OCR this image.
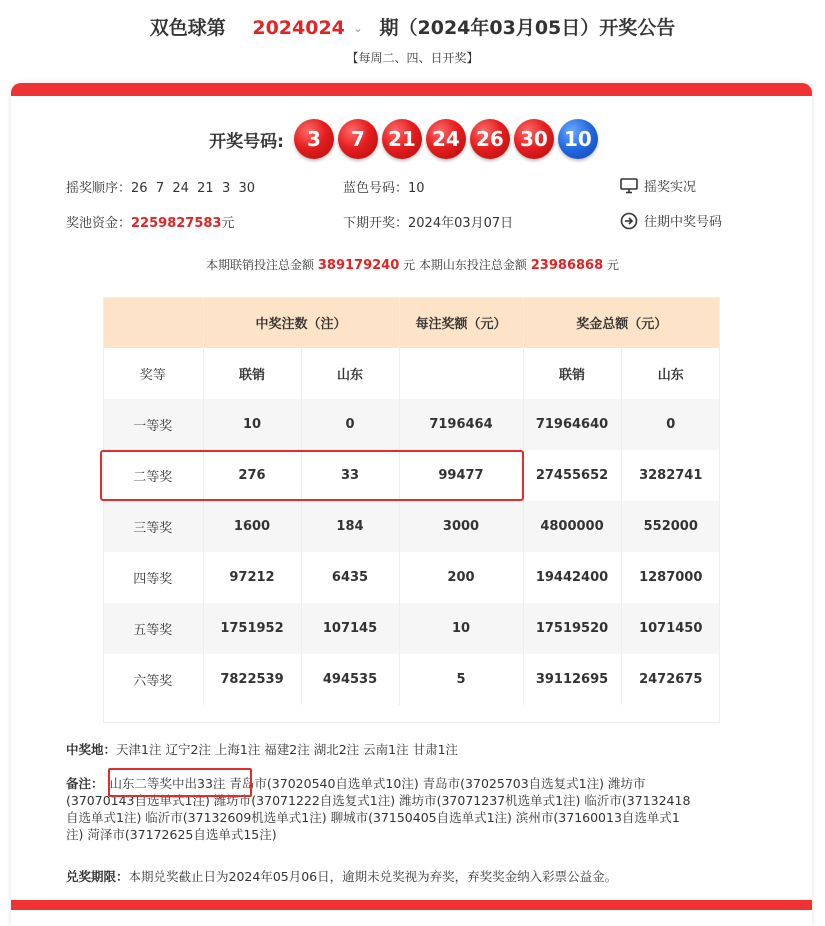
双色球第 2024024 ⌄ 期（2024年03月05日）开奖公告
【每周二、四、日开奖】
开奖号码:	3	7	21 24 26 30 10
摇奖顺序：26  7  24  21  3  30	蓝色号码：10	摇奖实况
奖池资金：2259827583元	下期开奖：2024年03月07日	往期中奖号码
本期联销投注总金额 389179240 元 本期山东投注总金额 23986868 元
	中奖注数（注）		每注奖额（元）	奖金总额（元）	
奖等	联销	山东		联销	山东
一等奖	10	0	7196464	71964640	0
二等奖	276	33	99477	27455652	3282741
三等奖	1600	184	3000	4800000	552000
四等奖	97212	6435	200	19442400	1287000
五等奖	1751952	107145	10	17519520	1071450
六等奖	7822539	494535	5	39112695	2472675
中奖地：天津1注 辽宁2注 上海1注 福建2注 湖北2注 云南1注 甘肃1注
备注： 山东二等奖中出33注 青岛市(37020540自选单式10注) 青岛市(37025703自选复式1注) 潍坊市
(37070143自选单式1注) 潍坊市(37071222自选复式1注) 潍坊市(37071237机选单式1注) 临沂市(37132418
自选单式1注) 临沂市(37132609机选单式1注) 聊城市(37150405自选单式1注) 滨州市(37160013自选单式1
注) 菏泽市(37172625自选单式15注)
兑奖期限：本期兑奖截止日为2024年05月06日，逾期未兑奖视为弃奖，弃奖奖金纳入彩票公益金。
